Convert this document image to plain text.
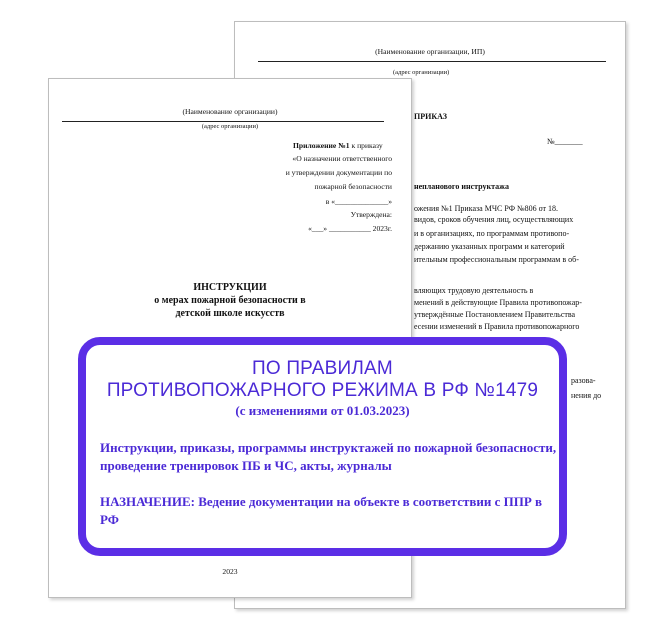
(Наименование организации, ИП)
(адрес организации)
ПРИКАЗ
№_______
непланового инструктажа
ожения №1 Приказа МЧС РФ №806 от 18.
видов, сроков обучения лиц, осуществляющих
и в организациях, по программам противопо-
держанию указанных программ и категорий
ительным профессиональным программам в об-
вляющих трудовую деятельность в
менений в действующие Правила противопожар-
утверждённые Постановлением Правительства
есении изменений в Правила противопожарного
разова-
нения до
(Наименование организации)
(адрес организации)
Приложение №1 к приказу
«О назначении ответственного
и утверждении документации по
пожарной безопасности
в «______________»
Утверждена:
«___» ___________ 2023г.
ИНСТРУКЦИИ
о мерах пожарной безопасности в
детской школе искусств
2023
ПО ПРАВИЛАМ
ПРОТИВОПОЖАРНОГО РЕЖИМА В РФ №1479
(с изменениями от 01.03.2023)
Инструкции, приказы, программы инструктажей по пожарной безопасности, проведение тренировок ПБ и ЧС, акты, журналы
НАЗНАЧЕНИЕ: Ведение документации на объекте в соответствии с ППР в РФ
